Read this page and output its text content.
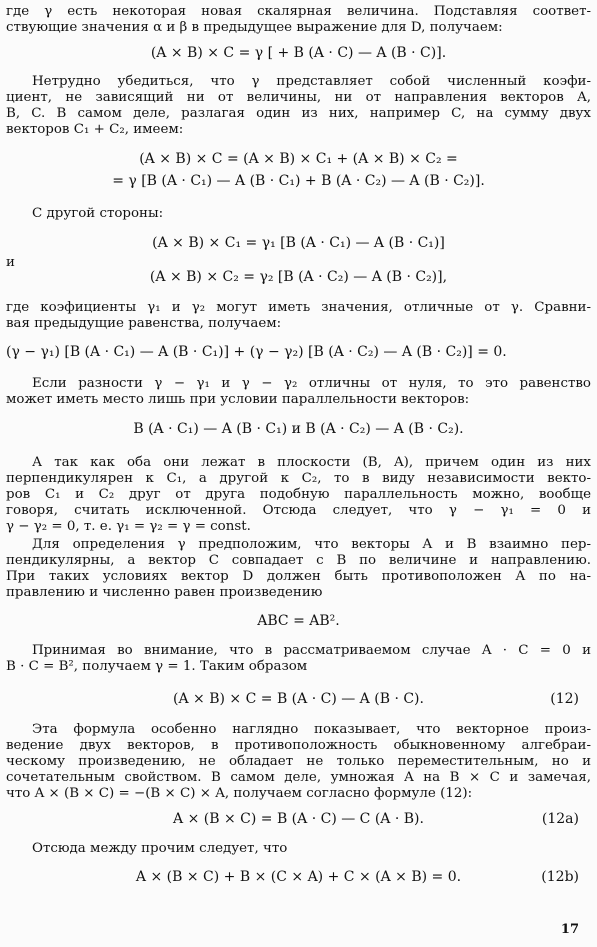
17
где γ есть некоторая новая скалярная величина. Подставляя соответ-
ствующие значения α и β в предыдущее выражение для D, получаем:
(A × B) × C = γ [ + B (A · C) — A (B · C)].
Нетрудно убедиться, что γ представляет собой численный коэфи-
циент, не зависящий ни от величины, ни от направления векторов A,
B, C. В самом деле, разлагая один из них, например C, на сумму двух
векторов C₁ + C₂, имеем:
(A × B) × C = (A × B) × C₁ + (A × B) × C₂ =
= γ [B (A · C₁) — A (B · C₁) + B (A · C₂) — A (B · C₂)].
С другой стороны:
(A × B) × C₁ = γ₁ [B (A · C₁) — A (B · C₁)]
и
(A × B) × C₂ = γ₂ [B (A · C₂) — A (B · C₂)],
где коэфициенты γ₁ и γ₂ могут иметь значения, отличные от γ. Сравни-
вая предыдущие равенства, получаем:
(γ − γ₁) [B (A · C₁) — A (B · C₁)] + (γ − γ₂) [B (A · C₂) — A (B · C₂)] = 0.
Если разности γ − γ₁ и γ − γ₂ отличны от нуля, то это равенство
может иметь место лишь при условии параллельности векторов:
B (A · C₁) — A (B · C₁) и B (A · C₂) — A (B · C₂).
А так как оба они лежат в плоскости (B, A), причем один из них
перпендикулярен к C₁, а другой к C₂, то в виду независимости векто-
ров C₁ и C₂ друг от друга подобную параллельность можно, вообще
говоря, считать исключенной. Отсюда следует, что γ − γ₁ = 0 и
γ − γ₂ = 0, т. е. γ₁ = γ₂ = γ = const.
Для определения γ предположим, что векторы A и B взаимно пер-
пендикулярны, а вектор C совпадает с B по величине и направлению.
При таких условиях вектор D должен быть противоположен A по на-
правлению и численно равен произведению
ABC = AB².
Принимая во внимание, что в рассматриваемом случае A · C = 0 и
B · C = B², получаем γ = 1. Таким образом
(A × B) × C = B (A · C) — A (B · C).
Эта формула особенно наглядно показывает, что векторное произ-
ведение двух векторов, в противоположность обыкновенному алгебраи-
ческому произведению, не обладает не только переместительным, но и
сочетательным свойством. В самом деле, умножая A на B × C и замечая,
что A × (B × C) = −(B × C) × A, получаем согласно формуле (12):
A × (B × C) = B (A · C) — C (A · B).
Отсюда между прочим следует, что
A × (B × C) + B × (C × A) + C × (A × B) = 0.
(12)
(12a)
(12b)
